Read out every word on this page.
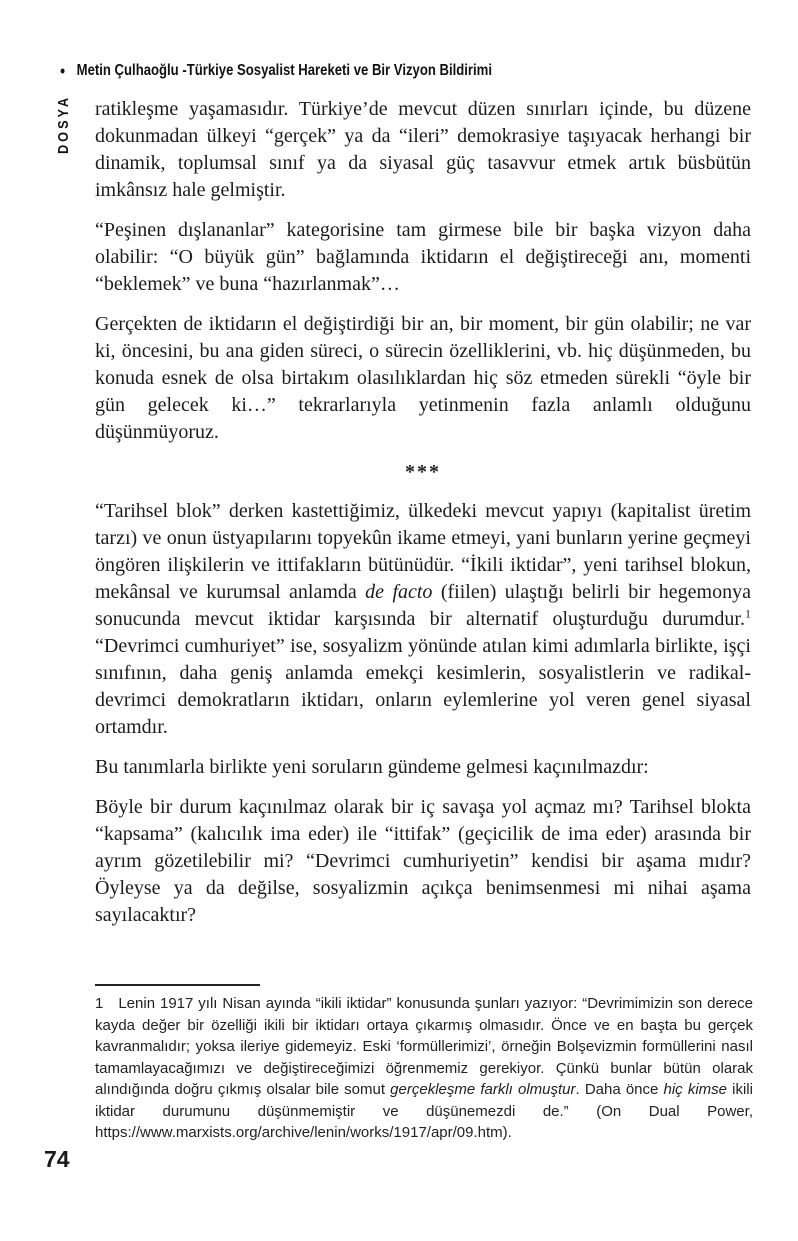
• Metin Çulhaoğlu - Türkiye Sosyalist Hareketi ve Bir Vizyon Bildirimi
DOSYA ratikleşme yaşamasıdır. Türkiye’de mevcut düzen sınırları içinde, bu düzene dokunmadan ülkeyi “gerçek” ya da “ileri” demokrasiye taşıyacak herhangi bir dinamik, toplumsal sınıf ya da siyasal güç tasavvur etmek artık büsbütün imkânsız hale gelmiştir.

“Peşinen dışlananlar” kategorisine tam girmese bile bir başka vizyon daha olabilir: “O büyük gün” bağlamında iktidarın el değiştireceği anı, momenti “beklemek” ve buna “hazırlanmak”…

Gerçekten de iktidarın el değiştirdiği bir an, bir moment, bir gün olabilir; ne var ki, öncesini, bu ana giden süreci, o sürecin özelliklerini, vb. hiç düşünmeden, bu konuda esnek de olsa birtakım olasılıklardan hiç söz etmeden sürekli “öyle bir gün gelecek ki…” tekrarlarıyla yetinmenin fazla anlamlı olduğunu düşünmüyoruz.

***

“Tarihsel blok” derken kastettiğimiz, ülkedeki mevcut yapıyı (kapitalist üretim tarzı) ve onun üstyapılarını topyekûn ikame etmeyi, yani bunların yerine geçmeyi öngören ilişkilerin ve ittifakların bütünüdür. “İkili iktidar”, yeni tarihsel blokun, mekânsal ve kurumsal anlamda de facto (fiilen) ulaştığı belirli bir hegemonya sonucunda mevcut iktidar karşısında bir alternatif oluşturduğu durumdur.$^1$ “Devrimci cumhuriyet” ise, sosyalizm yönünde atılan kimi adımlarla birlikte, işçi sınıfının, daha geniş anlamda emekçi kesimlerin, sosyalistlerin ve radikal-devrimci demokratların iktidarı, onların eylemlerine yol veren genel siyasal ortamdır.

Bu tanımlarla birlikte yeni soruların gündeme gelmesi kaçınılmazdır:

Böyle bir durum kaçınılmaz olarak bir iç savaşa yol açmaz mı? Tarihsel blokta “kapsama” (kalıcılık ima eder) ile “ittifak” (geçicilik de ima eder) arasında bir ayrım gözetilebilir mi? “Devrimci cumhuriyetin” kendisi bir aşama mıdır? Öyleyse ya da değilse, sosyalizmin açıkça benimsenmesi mi nihai aşama sayılacaktır?

1 Lenin 1917 yılı Nisan ayında “ikili iktidar” konusunda şunları yazıyor: “Devrimimizin son derece kayda değer bir özelliği ikili bir iktidarı ortaya çıkarmış olmasıdır. Önce ve en başta bu gerçek kavranmalıdır; yoksa ileriye gidemeyiz. Eski ‘formüllerimizi’, örneğin Bolşevizmin formüllerini nasıl tamamlayacağımızı ve değiştireceğimizi öğrenmemiz gerekiyor. Çünkü bunlar bütün olarak alındığında doğru çıkmış olsalar bile somut gerçekleşme farklı olmuştur. Daha önce hiç kimse ikili iktidar durumunu düşünmemiştir ve düşünemezdi de.” (On Dual Power, https://www.marxists.org/archive/lenin/works/1917/apr/09.htm).

74
